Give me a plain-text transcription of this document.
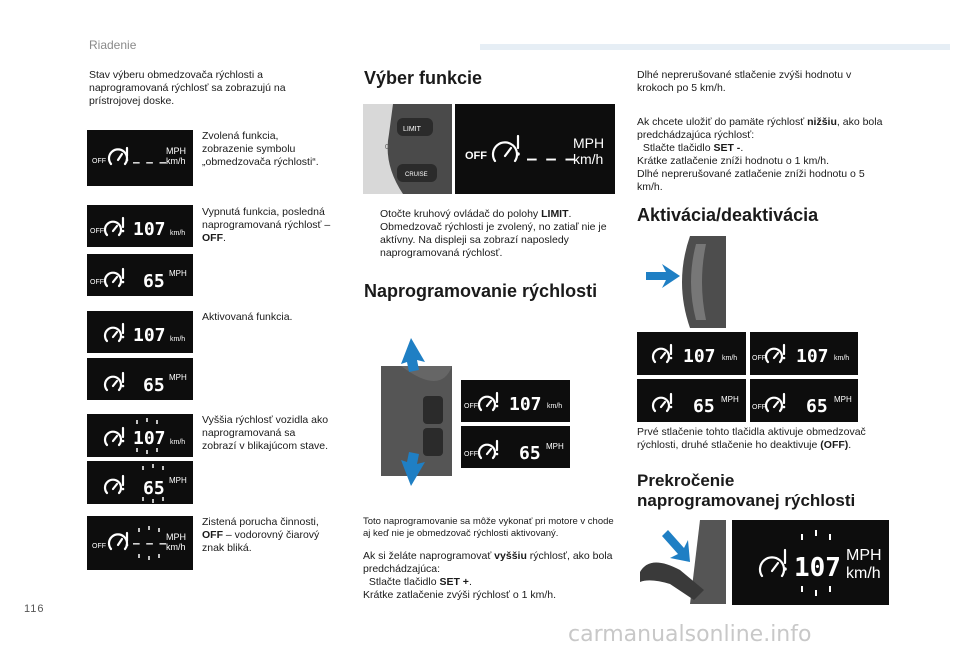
Riadenie
116
carmanualsonline.info
Stav výberu obmedzovača rýchlosti a naprogramovaná rýchlosť sa zobrazujú na prístrojovej doske.
OFF – – –
MPH
km/h
Zvolená funkcia, zobrazenie symbolu „obmedzovača rýchlosti“.
OFF 107 km/h
OFF 65 MPH
Vypnutá funkcia, posledná naprogramovaná rýchlosť – OFF.
107 km/h
65 MPH
Aktivovaná funkcia.
107 km/h
65 MPH
Vyššia rýchlosť vozidla ako naprogramovaná sa zobrazí v blikajúcom stave.
OFF – – – MPH
km/h
Zistená porucha činnosti,
OFF – vodorovný čiarový znak bliká.
Výber funkcie
LIMIT
0
CRUISE
OFF	– – –
MPH
km/h
Otočte kruhový ovládač do polohy LIMIT. Obmedzovač rýchlosti je zvolený, no zatiaľ nie je aktívny. Na displeji sa zobrazí naposledy naprogramovaná rýchlosť.
Naprogramovanie rýchlosti
OFF 107 km/h
OFF 65 MPH
Toto naprogramovanie sa môže vykonať pri motore v chode aj keď nie je obmedzovač rýchlosti aktivovaný.
Ak si želáte naprogramovať vyššiu rýchlosť, ako bola predchádzajúca:
Stlačte tlačidlo SET +.
Krátke zatlačenie zvýši rýchlosť o 1 km/h.
Dlhé neprerušované stlačenie zvýši hodnotu v krokoch po 5 km/h.
Ak chcete uložiť do pamäte rýchlosť nižšiu, ako bola predchádzajúca rýchlosť:
Stlačte tlačidlo SET -.
Krátke zatlačenie zníži hodnotu o 1 km/h.
Dlhé neprerušované zatlačenie zníži hodnotu o 5 km/h.
Aktivácia/deaktivácia
107 km/h OFF 107 km/h
65 MPH
OFF 65 MPH
Prvé stlačenie tohto tlačidla aktivuje obmedzovač rýchlosti, druhé stlačenie ho deaktivuje (OFF).
Prekročenie
naprogramovanej rýchlosti
107 MPH
km/h
